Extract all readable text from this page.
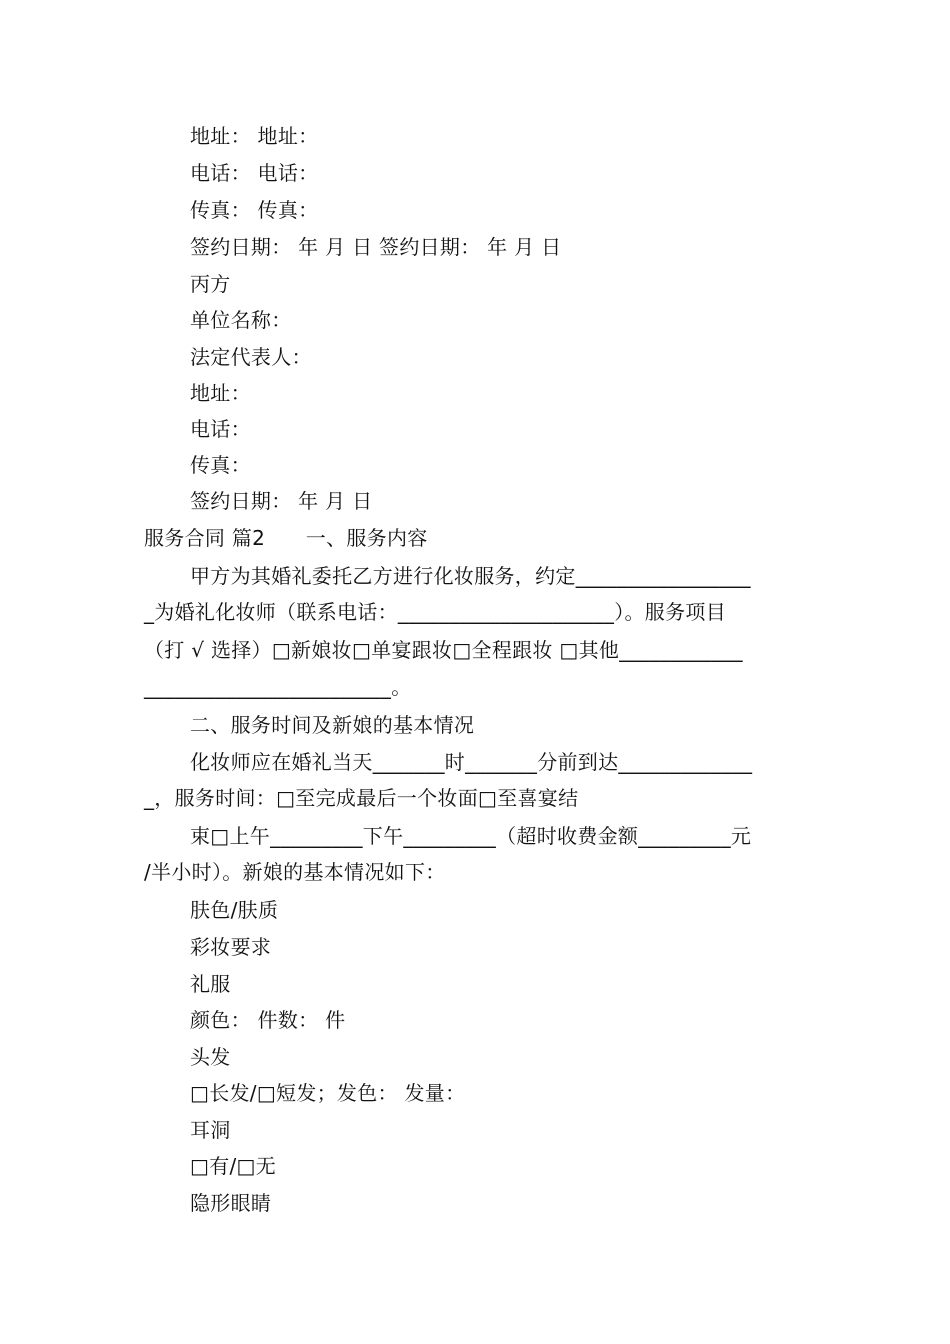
地址： 地址：
电话： 电话：
传真： 传真：
签约日期： 年 月 日 签约日期： 年 月 日
丙方
单位名称：
法定代表人：
地址：
电话：
传真：
签约日期： 年 月 日
服务合同 篇2　　一、服务内容
甲方为其婚礼委托乙方进行化妆服务，约定_________________
_为婚礼化妆师（联系电话：_____________________）。服务项目
（打 √ 选择）□新娘妆□单宴跟妆□全程跟妆 □其他____________
________________________。
二、服务时间及新娘的基本情况
化妆师应在婚礼当天_______时_______分前到达_____________
_，服务时间：□至完成最后一个妆面□至喜宴结
束□上午_________下午_________（超时收费金额_________元
/半小时）。新娘的基本情况如下：
肤色/肤质
彩妆要求
礼服
颜色： 件数： 件
头发
□长发/□短发；发色： 发量：
耳洞
□有/□无
隐形眼睛
